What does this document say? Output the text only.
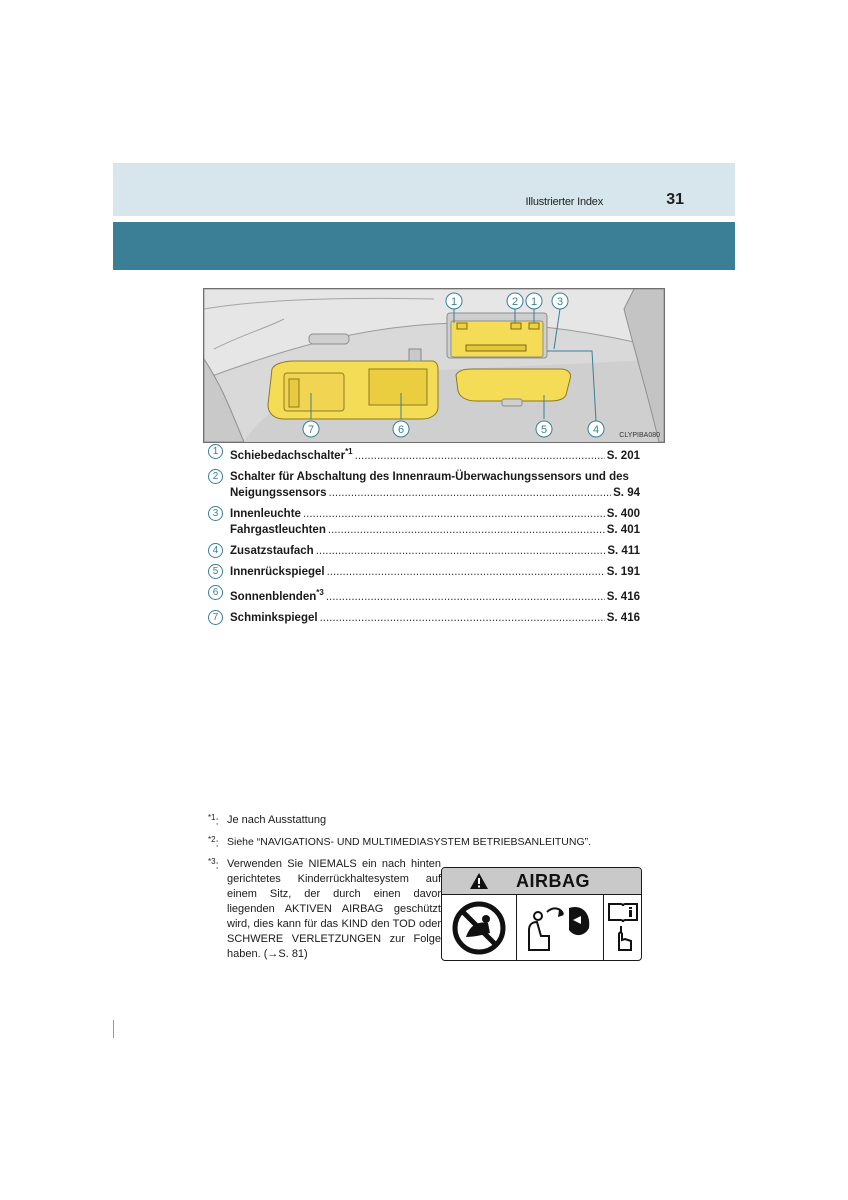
Illustrierter Index	31
1	2 1 3
7	6	5	4	CLYPIBA080
1	Schiebedachschalter$^{*1}$ . . .	S. 201
2	Schalter für Abschaltung des Innenraum-Überwachungssensors und des
Neigungssensors . . .	S. 94
3	Innenleuchte . . .	S. 400
Fahrgastleuchten . . .	S. 401
4	Zusatzstaufach . . .	S. 411
5	Innenrückspiegel . . .	S. 191
6	Sonnenblenden$^{*3}$ . . .	S. 416
7	Schminkspiegel . . .	S. 416
$^{*1}$: Je nach Ausstattung
$^{*2}$: Siehe “NAVIGATIONS- UND MULTIMEDIASYSTEM BETRIEBSANLEITUNG”.
$^{*3}$: Verwenden Sie NIEMALS ein nach hinten gerichtetes Kinderrückhaltesystem auf einem Sitz, der durch einen davor liegenden AKTIVEN AIRBAG geschützt wird, dies kann für das KIND den TOD oder SCHWERE VERLETZUNGEN zur Folge haben. (→S. 81)
AIRBAG
